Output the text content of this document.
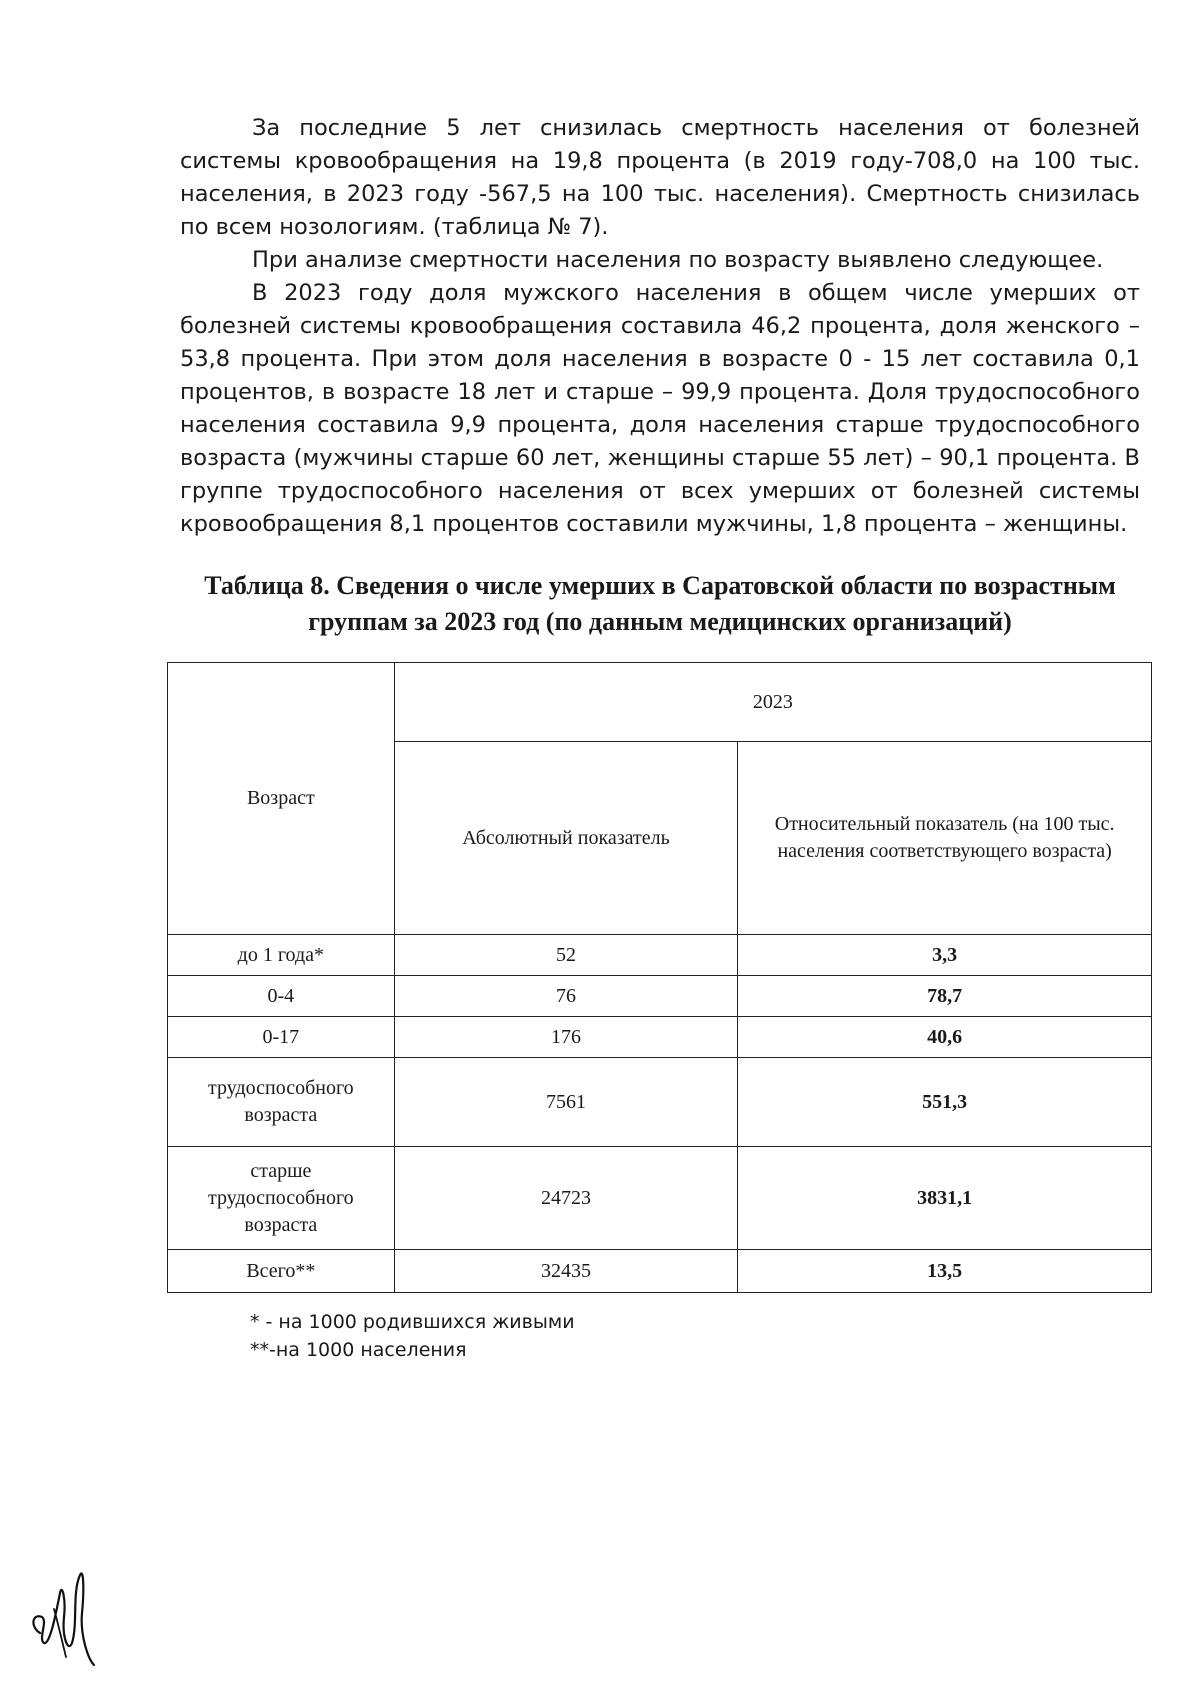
За последние 5 лет снизилась смертность населения от болезней системы кровообращения на 19,8 процента (в 2019 году-708,0 на 100 тыс. населения, в 2023 году -567,5 на 100 тыс. населения). Смертность снизилась по всем нозологиям. (таблица № 7).

При анализе смертности населения по возрасту выявлено следующее.

В 2023 году доля мужского населения в общем числе умерших от болезней системы кровообращения составила 46,2 процента, доля женского – 53,8 процента. При этом доля населения в возрасте 0 - 15 лет составила 0,1 процентов, в возрасте 18 лет и старше – 99,9 процента. Доля трудоспособного населения составила 9,9 процента, доля населения старше трудоспособного возраста (мужчины старше 60 лет, женщины старше 55 лет) – 90,1 процента. В группе трудоспособного населения от всех умерших от болезней системы кровообращения 8,1 процентов составили мужчины, 1,8 процента – женщины.

Таблица 8. Сведения о числе умерших в Саратовской области по возрастным группам за 2023 год (по данным медицинских организаций)
Возраст	2023	
	Абсолютный показатель	Относительный показатель (на 100 тыс. населения соответствующего возраста)
до 1 года*	52	3,3
0-4	76	78,7
0-17	176	40,6
трудоспособного возраста	7561	551,3
старше трудоспособного возраста	24723	3831,1
Всего**	32435	13,5
* - на 1000 родившихся живыми
**-на 1000 населения
